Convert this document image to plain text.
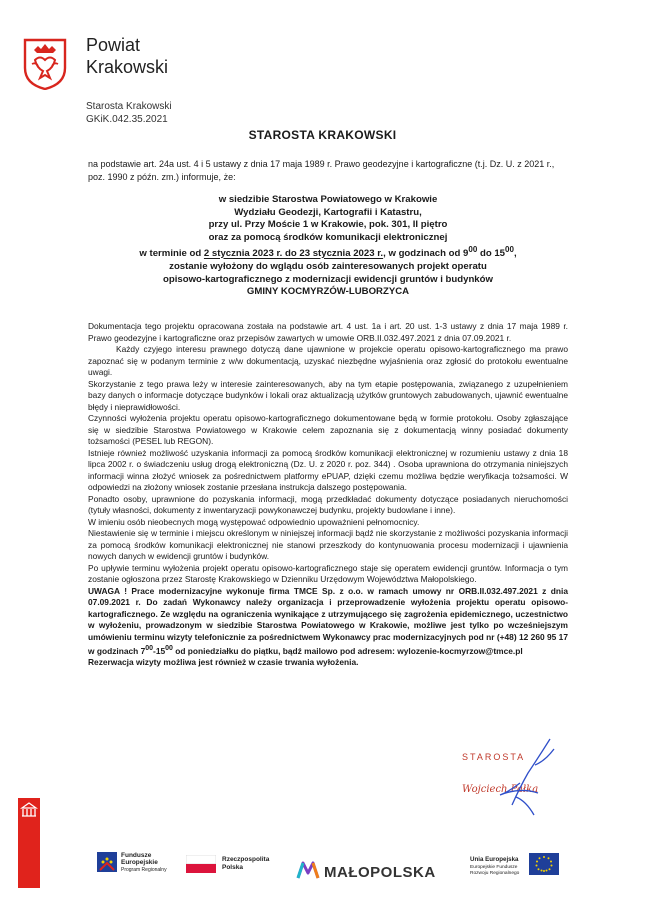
Powiat
Krakowski
Starosta Krakowski
GKiK.042.35.2021
STAROSTA KRAKOWSKI
na podstawie art. 24a ust. 4 i 5 ustawy z dnia 17 maja 1989 r. Prawo geodezyjne i kartograficzne (t.j. Dz. U. z 2021 r., poz. 1990 z późn. zm.) informuje, że:
w siedzibie Starostwa Powiatowego w Krakowie
Wydziału Geodezji, Kartografii i Katastru,
przy ul. Przy Moście 1 w Krakowie, pok. 301, II piętro
oraz za pomocą środków komunikacji elektronicznej
w terminie od 2 stycznia 2023 r. do 23 stycznia 2023 r., w godzinach od $9^{00}$ do $15^{00}$,
zostanie wyłożony do wglądu osób zainteresowanych projekt operatu
opisowo-kartograficznego z modernizacji ewidencji gruntów i budynków
GMINY KOCMYRZÓW-LUBORZYCA

Dokumentacja tego projektu opracowana została na podstawie art. 4 ust. 1a i art. 20 ust. 1-3 ustawy z dnia 17 maja 1989 r. Prawo geodezyjne i kartograficzne oraz przepisów zawartych w umowie ORB.II.032.497.2021 z dnia 07.09.2021 r.

Każdy czyjego interesu prawnego dotyczą dane ujawnione w projekcie operatu opisowo-kartograficznego ma prawo zapoznać się w podanym terminie z w/w dokumentacją, uzyskać niezbędne wyjaśnienia oraz zgłosić do protokołu ewentualne uwagi.

Skorzystanie z tego prawa leży w interesie zainteresowanych, aby na tym etapie postępowania, związanego z uzupełnieniem bazy danych o informacje dotyczące budynków i lokali oraz aktualizacją użytków gruntowych zabudowanych, ujawnić ewentualne błędy i nieprawidłowości.

Czynności wyłożenia projektu operatu opisowo-kartograficznego dokumentowane będą w formie protokołu. Osoby zgłaszające się w siedzibie Starostwa Powiatowego w Krakowie celem zapoznania się z dokumentacją winny posiadać dokumenty tożsamości (PESEL lub REGON).

Istnieje również możliwość uzyskania informacji za pomocą środków komunikacji elektronicznej w rozumieniu ustawy z dnia 18 lipca 2002 r. o świadczeniu usług drogą elektroniczną (Dz. U. z 2020 r. poz. 344) . Osoba uprawniona do otrzymania niniejszych informacji winna złożyć wniosek za pośrednictwem platformy ePUAP, dzięki czemu możliwa będzie weryfikacja tożsamości. W odpowiedzi na złożony wniosek zostanie przesłana instrukcja dalszego postępowania.

Ponadto osoby, uprawnione do pozyskania informacji, mogą przedkładać dokumenty dotyczące posiadanych nieruchomości (tytuły własności, dokumenty z inwentaryzacji powykonawczej budynku, projekty budowlane i inne).

W imieniu osób nieobecnych mogą występować odpowiednio upoważnieni pełnomocnicy.

Niestawienie się w terminie i miejscu określonym w niniejszej informacji bądź nie skorzystanie z możliwości pozyskania informacji za pomocą środków komunikacji elektronicznej nie stanowi przeszkody do kontynuowania procesu modernizacji i ujawnienia nowych danych w ewidencji gruntów i budynków.

Po upływie terminu wyłożenia projekt operatu opisowo-kartograficznego staje się operatem ewidencji gruntów. Informacja o tym zostanie ogłoszona przez Starostę Krakowskiego w Dzienniku Urzędowym Województwa Małopolskiego.

UWAGA ! Prace modernizacyjne wykonuje firma TMCE Sp. z o.o. w ramach umowy nr ORB.II.032.497.2021 z dnia 07.09.2021 r. Do zadań Wykonawcy należy organizacja i przeprowadzenie wyłożenia projektu operatu opisowo-kartograficznego. Ze względu na ograniczenia wynikające z utrzymującego się zagrożenia epidemicznego, uczestnictwo w wyłożeniu, prowadzonym w siedzibie Starostwa Powiatowego w Krakowie, możliwe jest tylko po wcześniejszym umówieniu terminu wizyty telefonicznie za pośrednictwem Wykonawcy prac modernizacyjnych pod nr (+48) 12 260 95 17 w godzinach $7^{00}-15^{00}$ od poniedziałku do piątku, bądź mailowo pod adresem: wylozenie-kocmyrzow@tmce.pl

Rezerwacja wizyty możliwa jest również w czasie trwania wyłożenia.

STAROSTA
Wojciech Pałka
Fundusze
Europejskie
Program Regionalny
Rzeczpospolita
Polska	MAŁOPOLSKA
Unia Europejska
Europejskie Fundusze
Rozwoju Regionalnego
